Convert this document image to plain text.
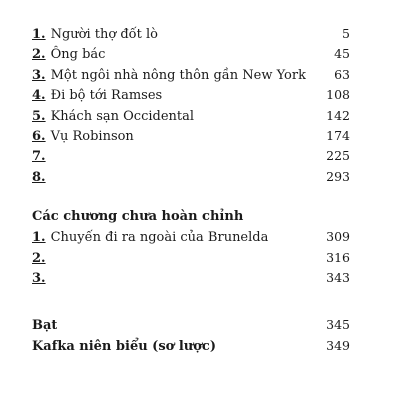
1. Người thợ đốt lò	5
2. Ông bác	45
3. Một ngôi nhà nông thôn gần New York 63
4. Đi bộ tới Ramses	108
5. Khách sạn Occidental	142
6. Vụ Robinson	174
7.	225
8.	293
Các chương chưa hoàn chỉnh
1. Chuyến đi ra ngoài của Brunelda	309
2.	316
3.	343
Bạt	345
Kafka niên biểu (sơ lược)	349
